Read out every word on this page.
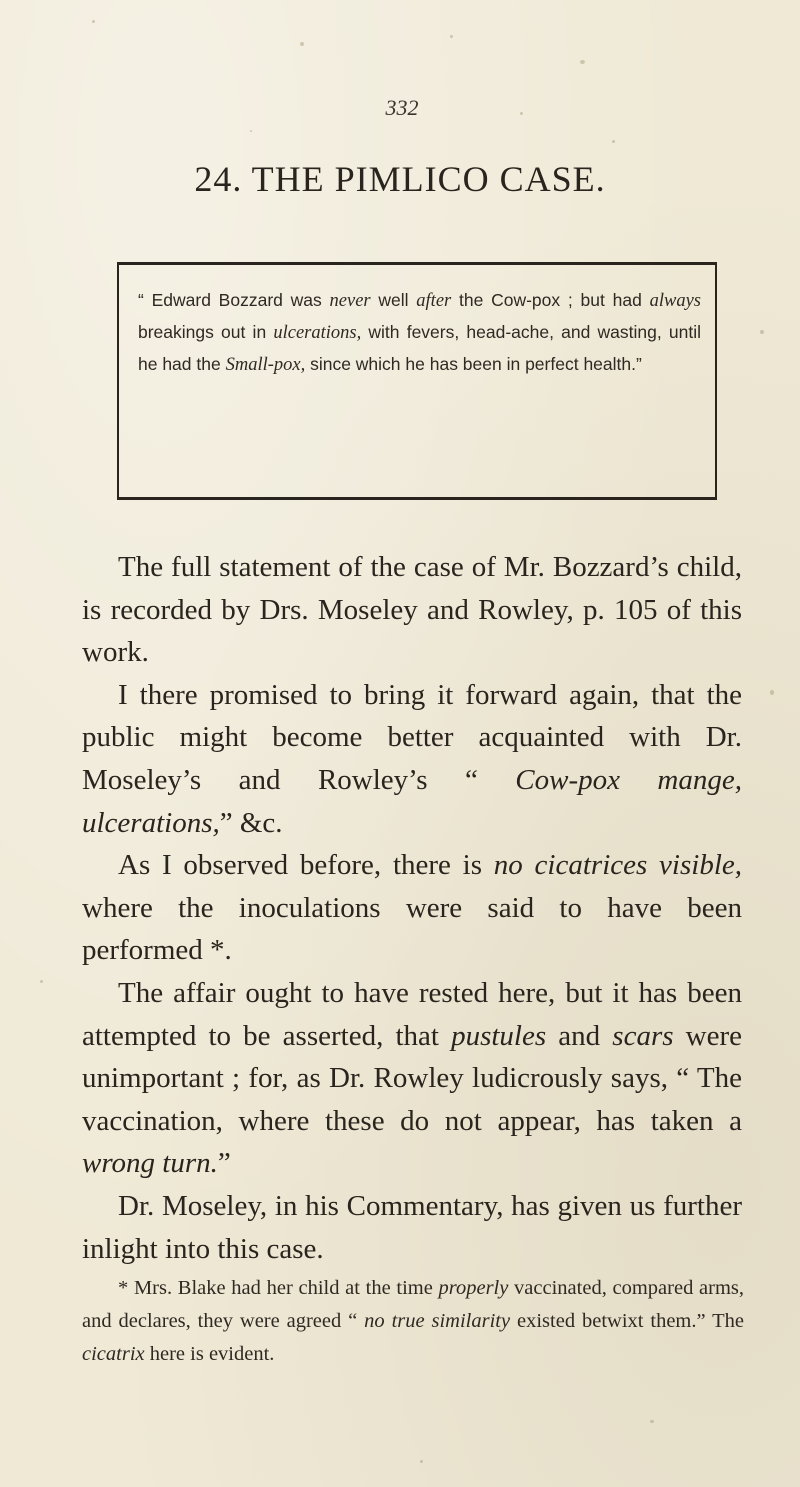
332
24. THE PIMLICO CASE.
“ Edward Bozzard was never well after the Cow-pox ; but had always breakings out in ulcerations, with fevers, head-ache, and wasting, until he had the Small-pox, since which he has been in perfect health.”

The full statement of the case of Mr. Bozzard’s child, is recorded by Drs. Moseley and Rowley, p. 105 of this work.

I there promised to bring it forward again, that the public might become better acquainted with Dr. Moseley’s and Rowley’s “ Cow-pox mange, ulcerations,” &c.

As I observed before, there is no cicatrices visible, where the inoculations were said to have been performed *.

The affair ought to have rested here, but it has been attempted to be asserted, that pustules and scars were unimportant ; for, as Dr. Rowley ludicrously says, “ The vaccination, where these do not appear, has taken a wrong turn.”

Dr. Moseley, in his Commentary, has given us further inlight into this case.

* Mrs. Blake had her child at the time properly vaccinated, compared arms, and declares, they were agreed “ no true similarity existed betwixt them.” The cicatrix here is evident.
